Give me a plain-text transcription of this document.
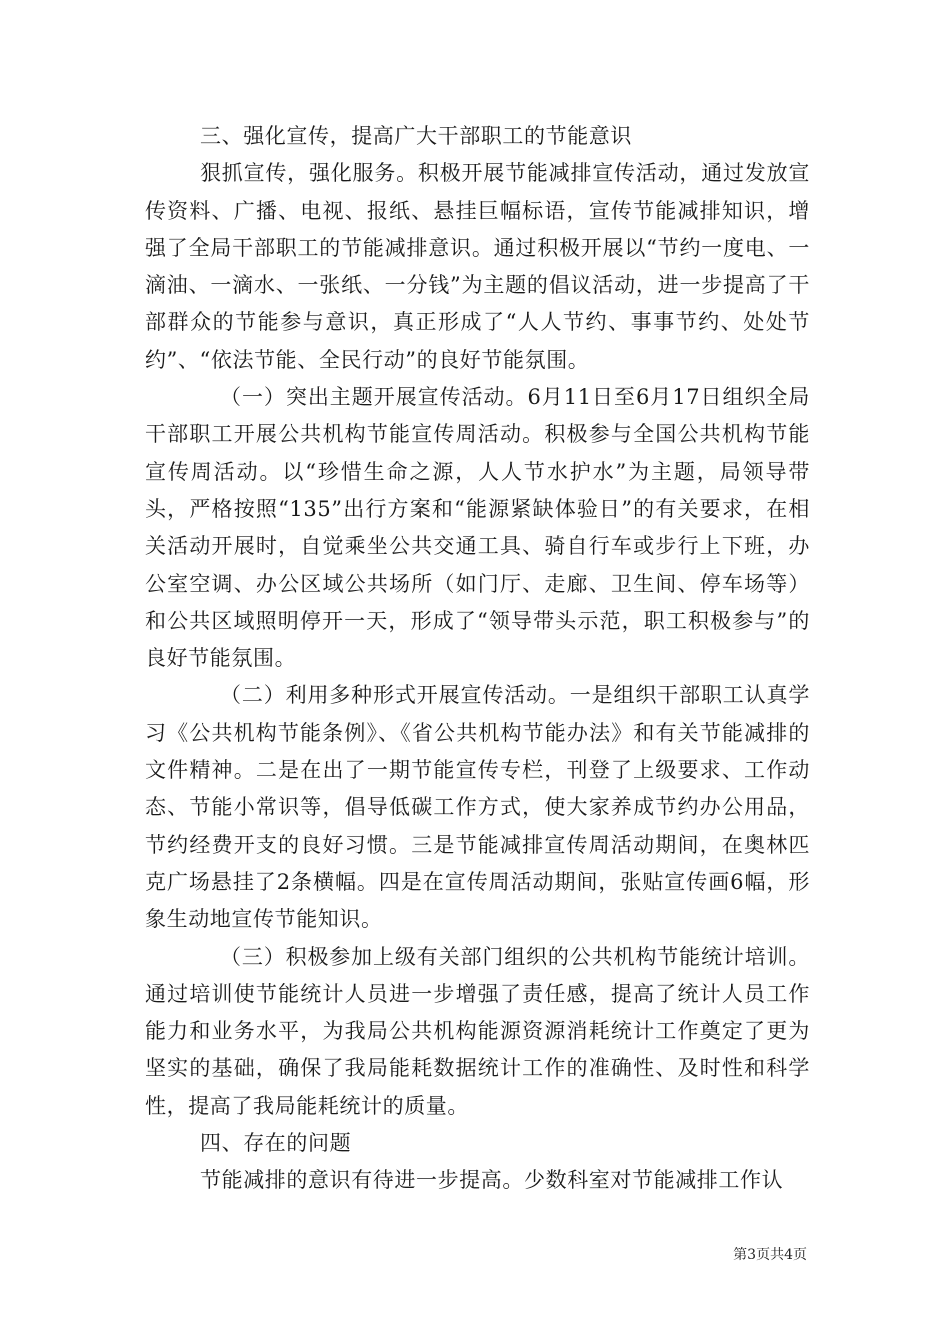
三、强化宣传，提高广大干部职工的节能意识

狠抓宣传，强化服务。积极开展节能减排宣传活动，通过发放宣传资料、广播、电视、报纸、悬挂巨幅标语，宣传节能减排知识，增强了全局干部职工的节能减排意识。通过积极开展以“节约一度电、一滴油、一滴水、一张纸、一分钱”为主题的倡议活动，进一步提高了干部群众的节能参与意识，真正形成了“人人节约、事事节约、处处节约”、“依法节能、全民行动”的良好节能氛围。

（一）突出主题开展宣传活动。6月11日至6月17日组织全局干部职工开展公共机构节能宣传周活动。积极参与全国公共机构节能宣传周活动。以“珍惜生命之源，人人节水护水”为主题，局领导带头，严格按照“135”出行方案和“能源紧缺体验日”的有关要求，在相关活动开展时，自觉乘坐公共交通工具、骑自行车或步行上下班，办公室空调、办公区域公共场所（如门厅、走廊、卫生间、停车场等）和公共区域照明停开一天，形成了“领导带头示范，职工积极参与”的良好节能氛围。

（二）利用多种形式开展宣传活动。一是组织干部职工认真学习《公共机构节能条例》、《省公共机构节能办法》和有关节能减排的文件精神。二是在出了一期节能宣传专栏，刊登了上级要求、工作动态、节能小常识等，倡导低碳工作方式，使大家养成节约办公用品，节约经费开支的良好习惯。三是节能减排宣传周活动期间，在奥林匹克广场悬挂了2条横幅。四是在宣传周活动期间，张贴宣传画6幅，形象生动地宣传节能知识。

（三）积极参加上级有关部门组织的公共机构节能统计培训。通过培训使节能统计人员进一步增强了责任感，提高了统计人员工作能力和业务水平，为我局公共机构能源资源消耗统计工作奠定了更为坚实的基础，确保了我局能耗数据统计工作的准确性、及时性和科学性，提高了我局能耗统计的质量。

四、存在的问题

节能减排的意识有待进一步提高。少数科室对节能减排工作认

第3页共4页
